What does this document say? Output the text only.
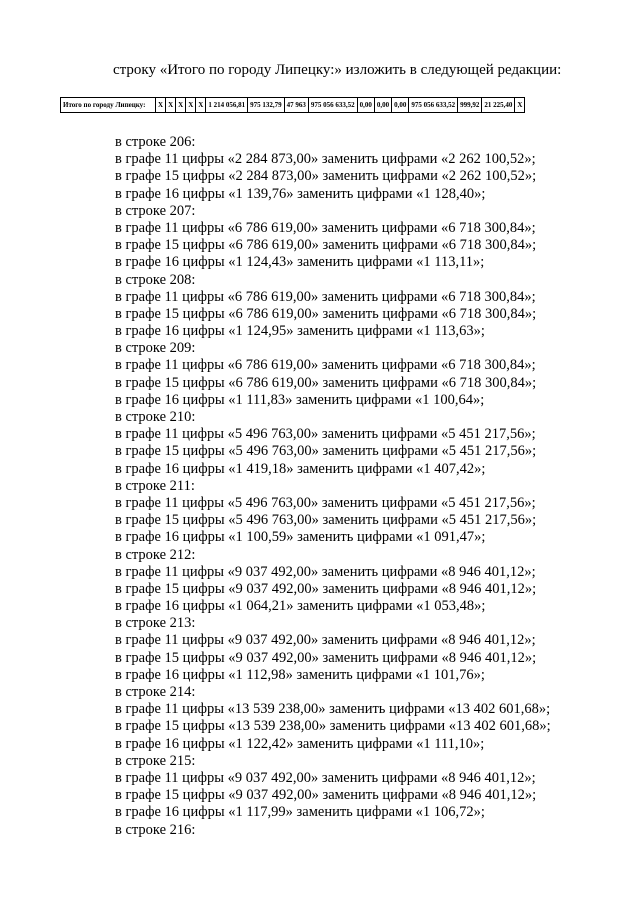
строку «Итого по городу Липецку:» изложить в следующей редакции:
Итого по городу Липецку:	X	X	X	X	X	1 214 056,81	975 132,79	47 963	975 056 633,52	0,00	0,00	0,00	975 056 633,52	999,92	21 225,40	X
в строке 206:
в графе 11 цифры «2 284 873,00» заменить цифрами «2 262 100,52»;
в графе 15 цифры «2 284 873,00» заменить цифрами «2 262 100,52»;
в графе 16 цифры «1 139,76» заменить цифрами «1 128,40»;
в строке 207:
в графе 11 цифры «6 786 619,00» заменить цифрами «6 718 300,84»;
в графе 15 цифры «6 786 619,00» заменить цифрами «6 718 300,84»;
в графе 16 цифры «1 124,43» заменить цифрами «1 113,11»;
в строке 208:
в графе 11 цифры «6 786 619,00» заменить цифрами «6 718 300,84»;
в графе 15 цифры «6 786 619,00» заменить цифрами «6 718 300,84»;
в графе 16 цифры «1 124,95» заменить цифрами «1 113,63»;
в строке 209:
в графе 11 цифры «6 786 619,00» заменить цифрами «6 718 300,84»;
в графе 15 цифры «6 786 619,00» заменить цифрами «6 718 300,84»;
в графе 16 цифры «1 111,83» заменить цифрами «1 100,64»;
в строке 210:
в графе 11 цифры «5 496 763,00» заменить цифрами «5 451 217,56»;
в графе 15 цифры «5 496 763,00» заменить цифрами «5 451 217,56»;
в графе 16 цифры «1 419,18» заменить цифрами «1 407,42»;
в строке 211:
в графе 11 цифры «5 496 763,00» заменить цифрами «5 451 217,56»;
в графе 15 цифры «5 496 763,00» заменить цифрами «5 451 217,56»;
в графе 16 цифры «1 100,59» заменить цифрами «1 091,47»;
в строке 212:
в графе 11 цифры «9 037 492,00» заменить цифрами «8 946 401,12»;
в графе 15 цифры «9 037 492,00» заменить цифрами «8 946 401,12»;
в графе 16 цифры «1 064,21» заменить цифрами «1 053,48»;
в строке 213:
в графе 11 цифры «9 037 492,00» заменить цифрами «8 946 401,12»;
в графе 15 цифры «9 037 492,00» заменить цифрами «8 946 401,12»;
в графе 16 цифры «1 112,98» заменить цифрами «1 101,76»;
в строке 214:
в графе 11 цифры «13 539 238,00» заменить цифрами «13 402 601,68»;
в графе 15 цифры «13 539 238,00» заменить цифрами «13 402 601,68»;
в графе 16 цифры «1 122,42» заменить цифрами «1 111,10»;
в строке 215:
в графе 11 цифры «9 037 492,00» заменить цифрами «8 946 401,12»;
в графе 15 цифры «9 037 492,00» заменить цифрами «8 946 401,12»;
в графе 16 цифры «1 117,99» заменить цифрами «1 106,72»;
в строке 216:
